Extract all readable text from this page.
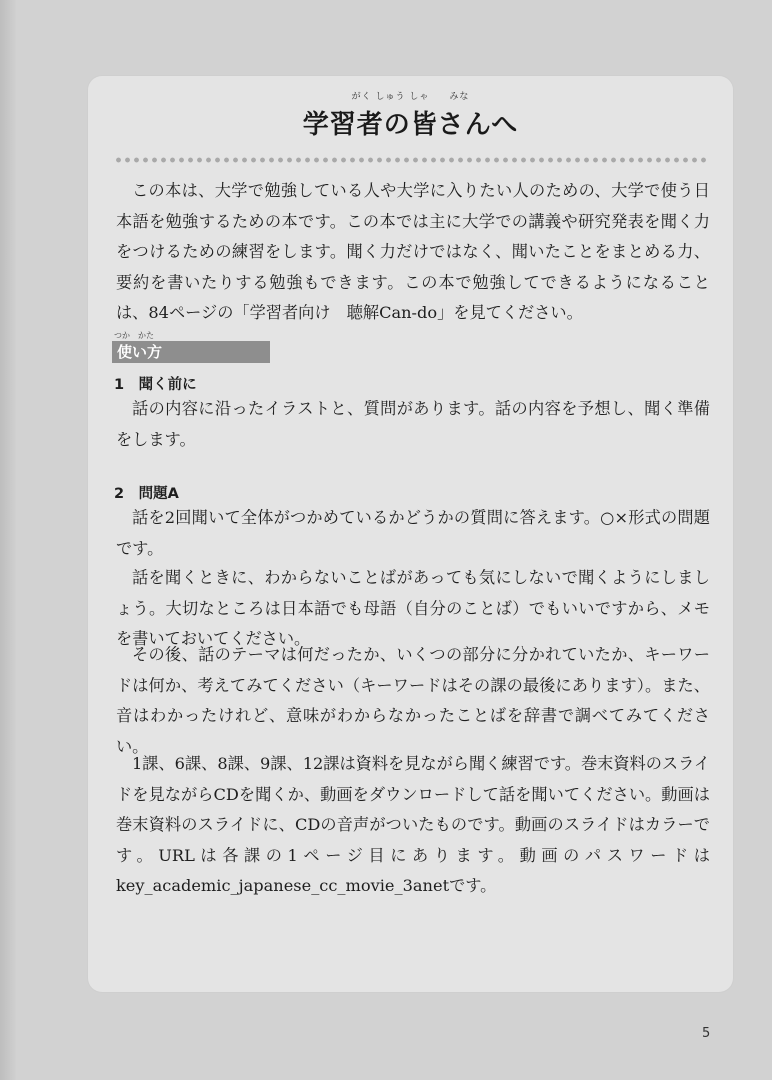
がく しゅう しゃ　　みな
学習者の皆さんへ

この本は、大学で勉強している人や大学に入りたい人のための、大学で使う日本語を勉強するための本です。この本では主に大学での講義や研究発表を聞く力をつけるための練習をします。聞く力だけではなく、聞いたことをまとめる力、要約を書いたりする勉強もできます。この本で勉強してできるようになることは、84ページの「学習者向け　聴解Can-do」を見てください。

つか　かた
使い方
1　聞く前に

話の内容に沿ったイラストと、質問があります。話の内容を予想し、聞く準備をします。

2　問題A

話を2回聞いて全体がつかめているかどうかの質問に答えます。○×形式の問題です。

話を聞くときに、わからないことばがあっても気にしないで聞くようにしましょう。大切なところは日本語でも母語（自分のことば）でもいいですから、メモを書いておいてください。

その後、話のテーマは何だったか、いくつの部分に分かれていたか、キーワードは何か、考えてみてください（キーワードはその課の最後にあります）。また、音はわかったけれど、意味がわからなかったことばを辞書で調べてみてください。

1課、6課、8課、9課、12課は資料を見ながら聞く練習です。巻末資料のスライドを見ながらCDを聞くか、動画をダウンロードして話を聞いてください。動画は巻末資料のスライドに、CDの音声がついたものです。動画のスライドはカラーです。URLは各課の1ページ目にあります。動画のパスワードはkey_academic_japanese_cc_movie_3anetです。

5
